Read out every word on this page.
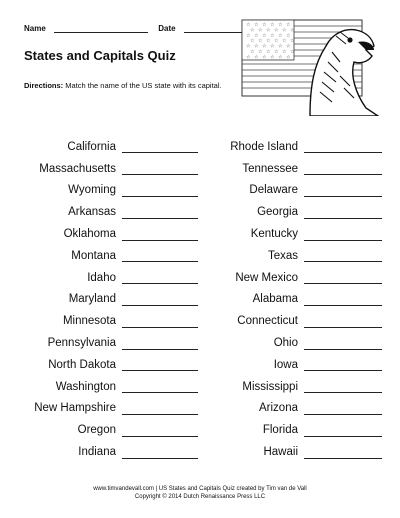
Name	Date
States and Capitals Quiz
Directions: Match the name of the US state with its capital.
☆ ☆ ☆ ☆ ☆ ☆
☆ ☆ ☆ ☆ ☆ ☆
☆ ☆ ☆ ☆ ☆ ☆
☆ ☆ ☆ ☆ ☆ ☆
☆ ☆ ☆ ☆ ☆ ☆
☆ ☆ ☆ ☆ ☆ ☆
☆ ☆ ☆ ☆ ☆ ☆
California
Massachusetts
Wyoming
Arkansas
Oklahoma
Montana
Idaho
Maryland
Minnesota
Pennsylvania
North Dakota
Washington
New Hampshire
Oregon
Indiana
Rhode Island
Tennessee
Delaware
Georgia
Kentucky
Texas
New Mexico
Alabama
Connecticut
Ohio
Iowa
Mississippi
Arizona
Florida
Hawaii
www.timvandevall.com | US States and Capitals Quiz created by Tim van de Vall
Copyright © 2014 Dutch Renaissance Press LLC
